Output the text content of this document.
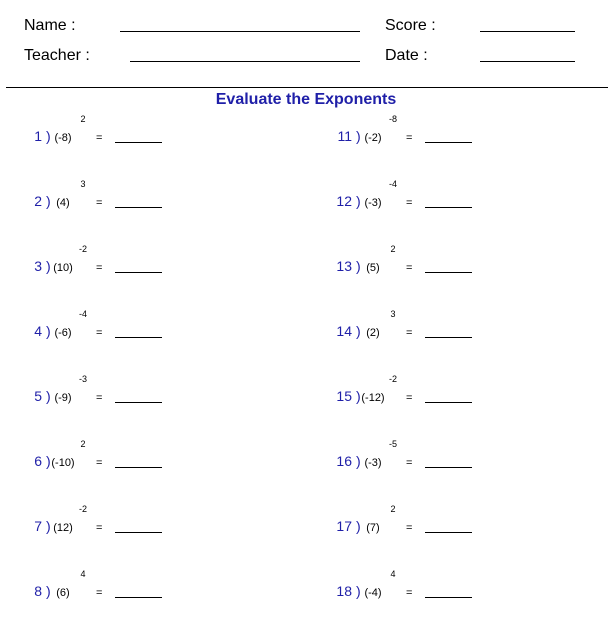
Name :
Teacher :
Score :
Date :
Evaluate the Exponents
1 ) (-8)
2
=
2 ) (4)
3
=
3 ) (10)
-2
=
4 ) (-6)
-4
=
5 ) (-9)
-3
=
6 ) (-10)
2
=
7 ) (12)
-2
=
8 ) (6)
4
=
11 ) (-2)
-8
=
12 ) (-3)
-4
=
13 ) (5)
2
=
14 ) (2)
3
=
15 ) (-12)
-2
=
16 ) (-3)
-5
=
17 ) (7)
2
=
18 ) (-4)
4
=
